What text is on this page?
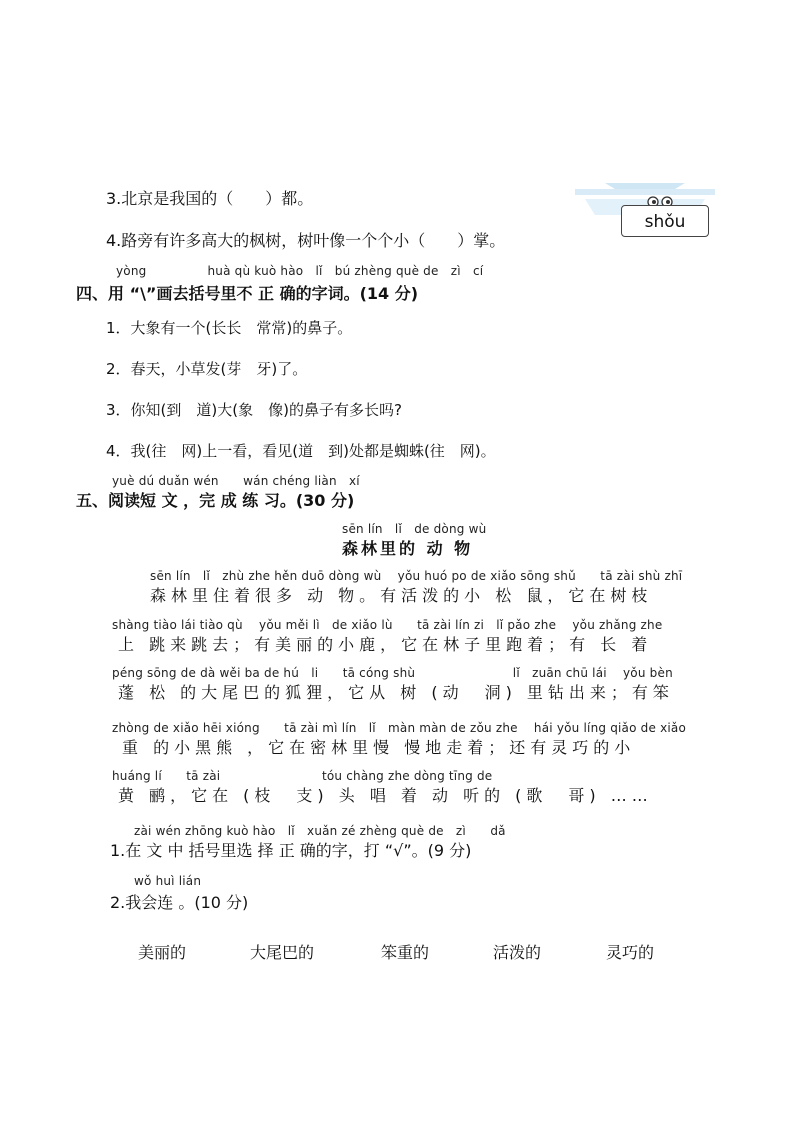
shǒu
3.北京是我国的（　　）都。
4.路旁有许多高大的枫树，树叶像一个个小（　　）掌。
yòng　　　　　huà qù kuò hào　lǐ　bú zhèng què de　zì　cí
四、用 “\”画去括号里不 正 确的字词。(14 分)
1．大象有一个(长长　常常)的鼻子。
2．春天，小草发(芽　牙)了。
3．你知(到　道)大(象　像)的鼻子有多长吗?
4．我(往　网)上一看，看见(道　到)处都是蜘蛛(往　网)。
yuè dú duǎn wén　　wán chéng liàn　xí
五、阅读短 文 ，完 成 练 习。(30 分)
sēn lín　lǐ　de dòng wù
森林里的 动 物
sēn lín　lǐ　zhù zhe hěn duō dòng wù　 yǒu huó po de xiǎo sōng shǔ　　tā zài shù zhī
森林里住着很多 动 物。有活泼的小 松 鼠，它在树枝
shàng tiào lái tiào qù　 yǒu měi lì　de xiǎo lù　　tā zài lín zi　lǐ pǎo zhe　 yǒu zhǎng zhe
上 跳来跳去；有美丽的小鹿，它在林子里跑着；有 长 着
péng sōng de dà wěi ba de hú　li　　tā cóng shù　　　　　　　　lǐ　zuān chū lái　 yǒu bèn
蓬 松 的大尾巴的狐狸，它从 树 (动　洞) 里钻出来；有笨
zhòng de xiǎo hēi xióng　　tā zài mì lín　lǐ　màn màn de zǒu zhe　 hái yǒu líng qiǎo de xiǎo
重 的小黑熊 ，它在密林里慢 慢地走着；还有灵巧的小
huáng lí　　tā zài　　　　　　　　 tóu chàng zhe dòng tīng de
黄 鹂，它在 (枝　支) 头 唱 着 动 听的 (歌　哥) ……
zài wén zhōng kuò hào　lǐ　xuǎn zé zhèng què de　zì　　dǎ
1.在 文 中 括号里选 择 正 确的字，打 “√”。(9 分)
wǒ huì lián
2.我会连 。(10 分)
美丽的	大尾巴的	笨重的	活泼的	灵巧的
